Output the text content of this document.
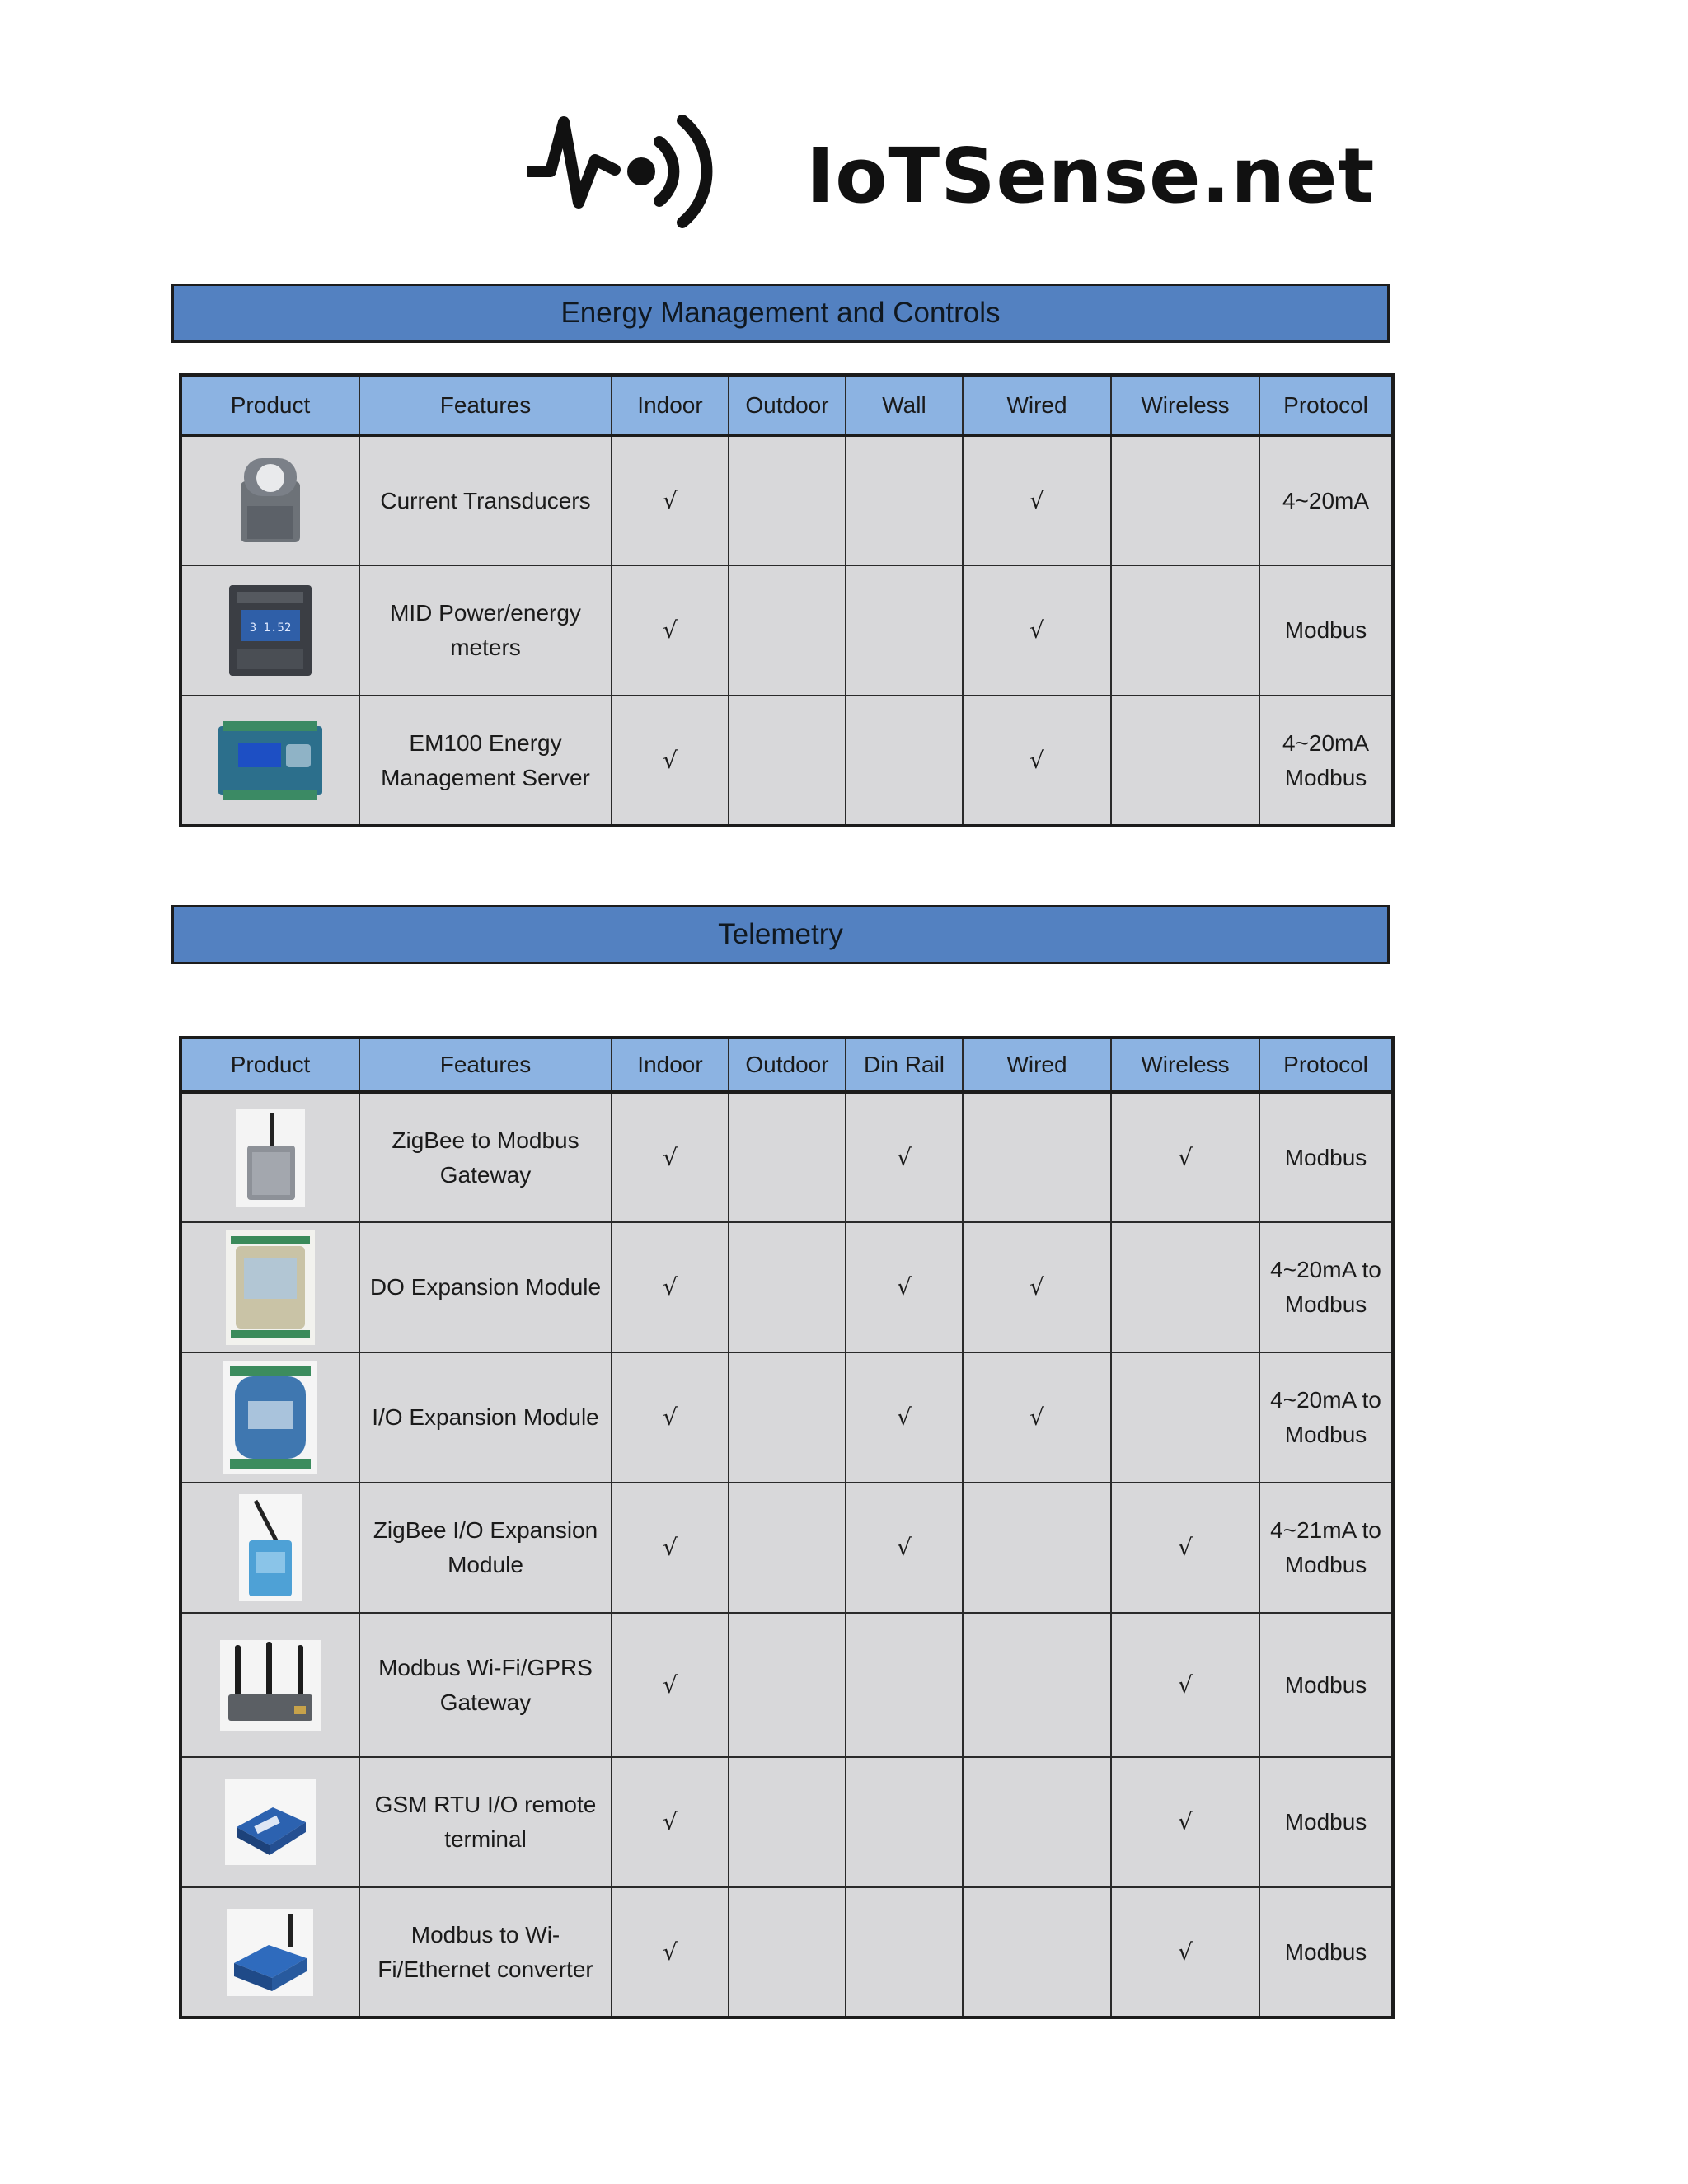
IoTSense.net
Energy Management and Controls
Product	Features	Indoor	Outdoor	Wall	Wired	Wireless	Protocol

	Current Transducers	√			√		4~20mA

3 1.52	MID Power/energy
meters	√			√		Modbus

	EM100 Energy
Management Server	√			√		4~20mA
Modbus
Telemetry
Product	Features	Indoor	Outdoor	Din Rail	Wired	Wireless	Protocol

	ZigBee to Modbus
Gateway	√		√		√	Modbus

	DO Expansion Module	√		√	√		4~20mA to
Modbus

	I/O Expansion Module	√		√	√		4~20mA to
Modbus

	ZigBee I/O Expansion
Module	√		√		√	4~21mA to
Modbus

	Modbus Wi-Fi/GPRS
Gateway	√				√	Modbus

	GSM RTU I/O remote
terminal	√				√	Modbus

	Modbus to Wi-
Fi/Ethernet converter	√				√	Modbus
